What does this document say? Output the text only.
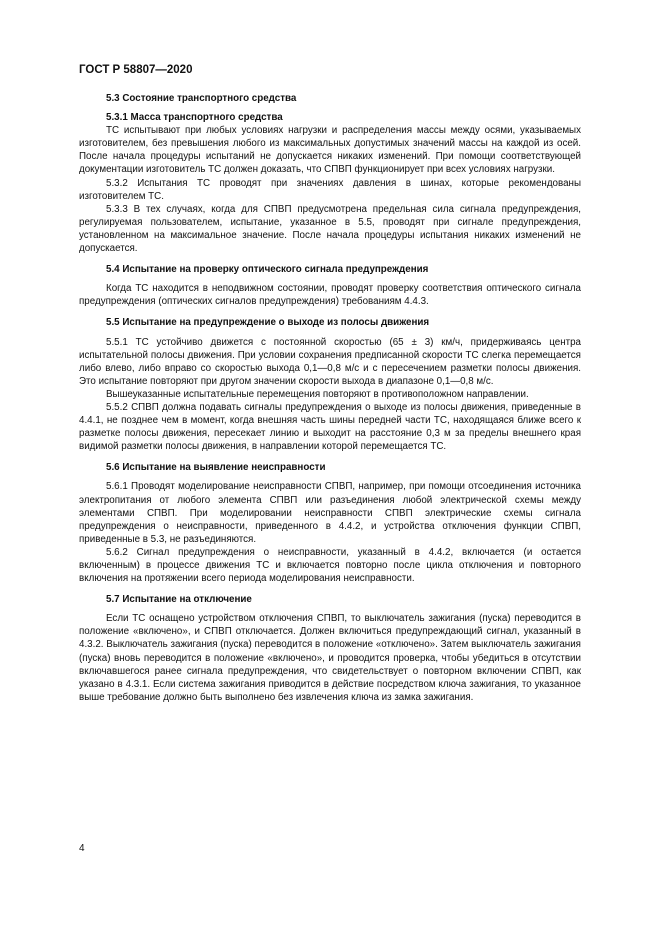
ГОСТ Р 58807—2020
5.3 Состояние транспортного средства
5.3.1 Масса транспортного средства

ТС испытывают при любых условиях нагрузки и распределения массы между осями, указываемых изготовителем, без превышения любого из максимальных допустимых значений массы на каждой из осей. После начала процедуры испытаний не допускается никаких изменений. При помощи соответствующей документации изготовитель ТС должен доказать, что СПВП функционирует при всех условиях нагрузки.

5.3.2 Испытания ТС проводят при значениях давления в шинах, которые рекомендованы изготовителем ТС.

5.3.3 В тех случаях, когда для СПВП предусмотрена предельная сила сигнала предупреждения, регулируемая пользователем, испытание, указанное в 5.5, проводят при сигнале предупреждения, установленном на максимальное значение. После начала процедуры испытания никаких изменений не допускается.

5.4 Испытание на проверку оптического сигнала предупреждения

Когда ТС находится в неподвижном состоянии, проводят проверку соответствия оптического сигнала предупреждения (оптических сигналов предупреждения) требованиям 4.4.3.

5.5 Испытание на предупреждение о выходе из полосы движения

5.5.1 ТС устойчиво движется с постоянной скоростью (65 ± 3) км/ч, придерживаясь центра испытательной полосы движения. При условии сохранения предписанной скорости ТС слегка перемещается либо влево, либо вправо со скоростью выхода 0,1—0,8 м/с и с пересечением разметки полосы движения. Это испытание повторяют при другом значении скорости выхода в диапазоне 0,1—0,8 м/с.

Вышеуказанные испытательные перемещения повторяют в противоположном направлении.

5.5.2 СПВП должна подавать сигналы предупреждения о выходе из полосы движения, приведенные в 4.4.1, не позднее чем в момент, когда внешняя часть шины передней части ТС, находящаяся ближе всего к разметке полосы движения, пересекает линию и выходит на расстояние 0,3 м за пределы внешнего края видимой разметки полосы движения, в направлении которой перемещается ТС.

5.6 Испытание на выявление неисправности

5.6.1 Проводят моделирование неисправности СПВП, например, при помощи отсоединения источника электропитания от любого элемента СПВП или разъединения любой электрической схемы между элементами СПВП. При моделировании неисправности СПВП электрические схемы сигнала предупреждения о неисправности, приведенного в 4.4.2, и устройства отключения функции СПВП, приведенные в 5.3, не разъединяются.

5.6.2 Сигнал предупреждения о неисправности, указанный в 4.4.2, включается (и остается включенным) в процессе движения ТС и включается повторно после цикла отключения и повторного включения на протяжении всего периода моделирования неисправности.

5.7 Испытание на отключение

Если ТС оснащено устройством отключения СПВП, то выключатель зажигания (пуска) переводится в положение «включено», и СПВП отключается. Должен включиться предупреждающий сигнал, указанный в 4.3.2. Выключатель зажигания (пуска) переводится в положение «отключено». Затем выключатель зажигания (пуска) вновь переводится в положение «включено», и проводится проверка, чтобы убедиться в отсутствии включавшегося ранее сигнала предупреждения, что свидетельствует о повторном включении СПВП, как указано в 4.3.1. Если система зажигания приводится в действие посредством ключа зажигания, то указанное выше требование должно быть выполнено без извлечения ключа из замка зажигания.

4
